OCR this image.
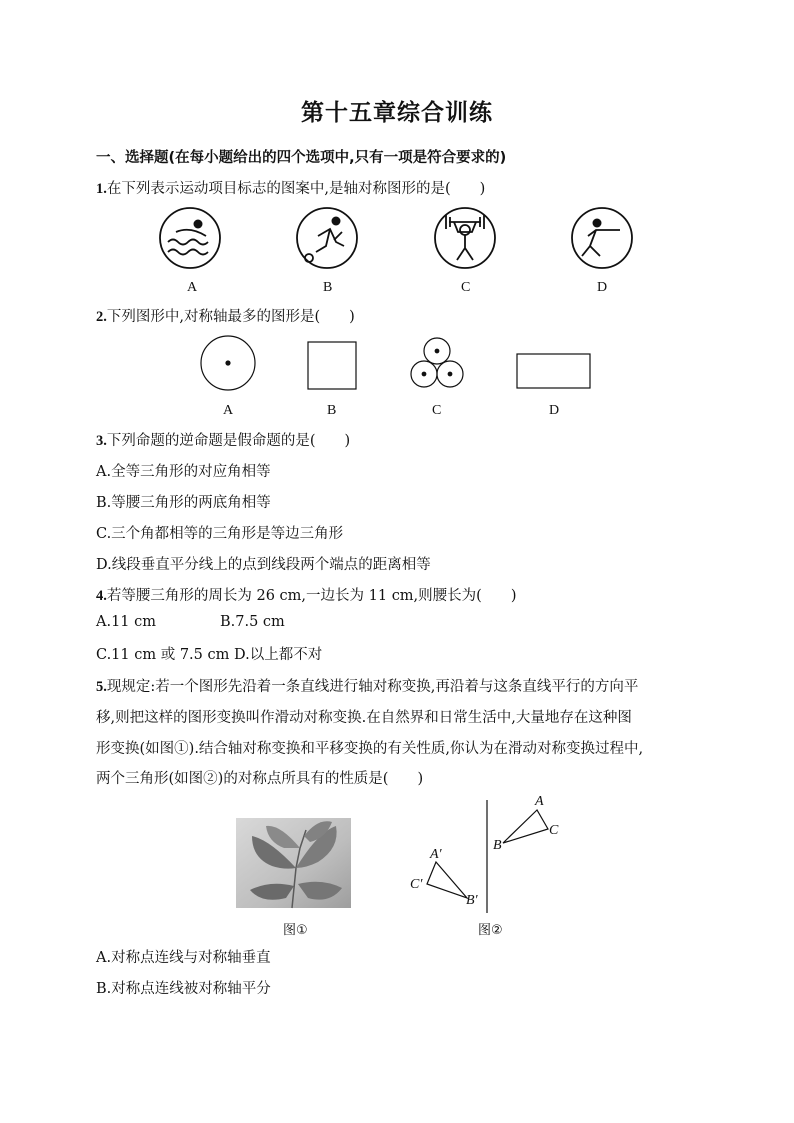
第十五章综合训练
一、选择题(在每小题给出的四个选项中,只有一项是符合要求的)
1.在下列表示运动项目标志的图案中,是轴对称图形的是(　　)
A	B	C	D
2.下列图形中,对称轴最多的图形是(　　)
A	B	C	D
3.下列命题的逆命题是假命题的是(　　)
A.全等三角形的对应角相等
B.等腰三角形的两底角相等
C.三个角都相等的三角形是等边三角形
D.线段垂直平分线上的点到线段两个端点的距离相等
4.若等腰三角形的周长为 26 cm,一边长为 11 cm,则腰长为(　　)
A.11 cm	B.7.5 cm
C.11 cm 或 7.5 cm D.以上都不对
5.现规定:若一个图形先沿着一条直线进行轴对称变换,再沿着与这条直线平行的方向平
移,则把这样的图形变换叫作滑动对称变换.在自然界和日常生活中,大量地存在这种图
形变换(如图①).结合轴对称变换和平移变换的有关性质,你认为在滑动对称变换过程中,
两个三角形(如图②)的对称点所具有的性质是(　　)
A
C
B
A′
C′
B′
图①	图②
A.对称点连线与对称轴垂直
B.对称点连线被对称轴平分
